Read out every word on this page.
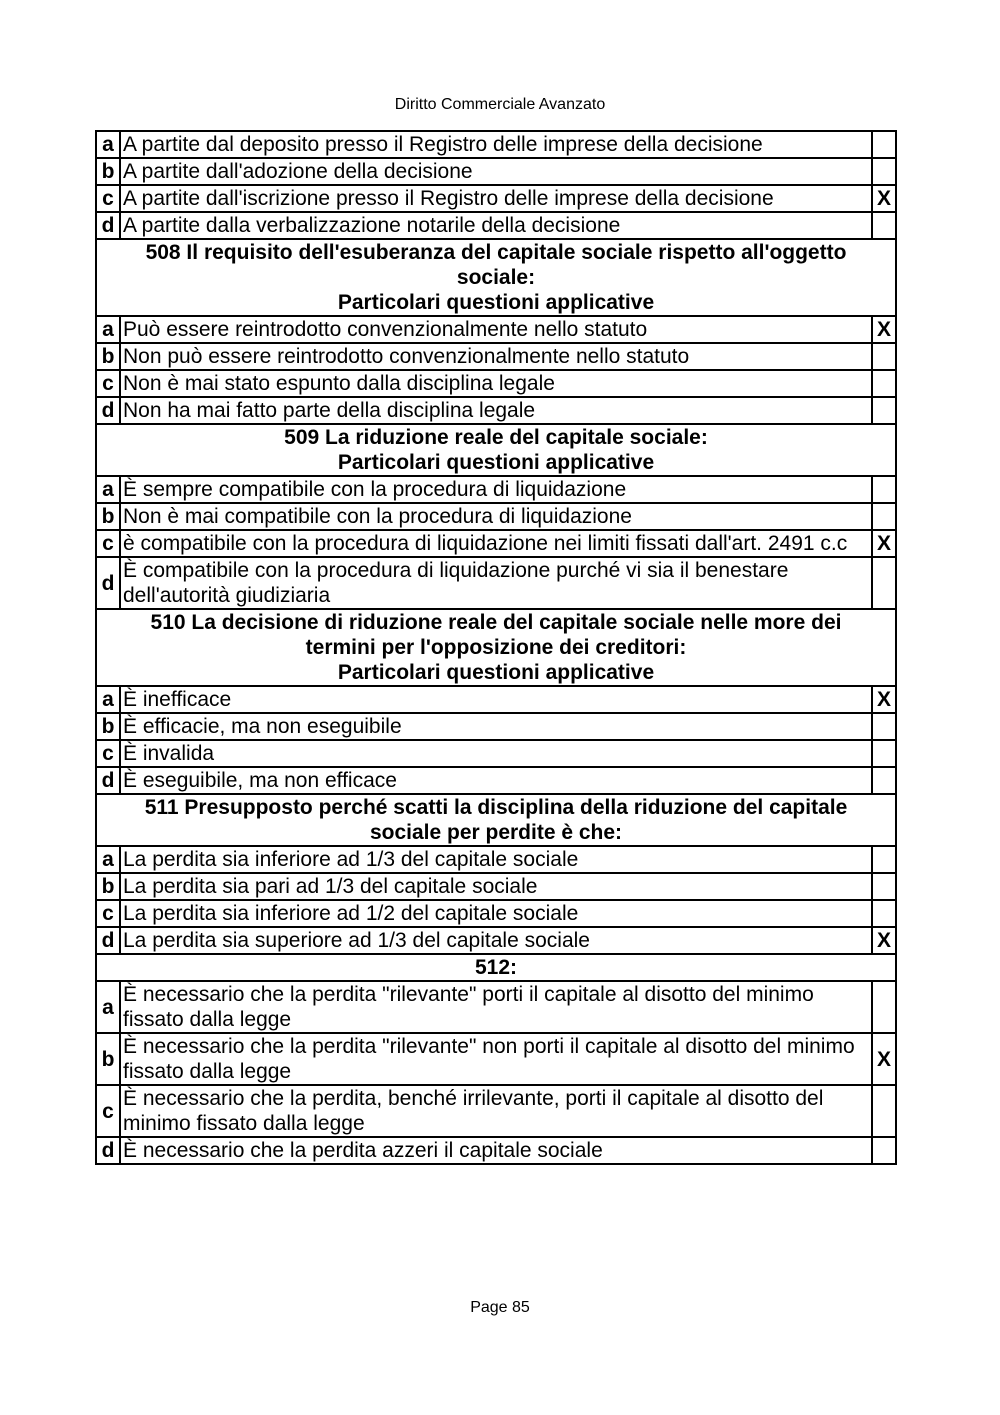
Diritto Commerciale Avanzato
a	A partite dal deposito presso il Registro delle imprese della decisione	
b	A partite dall'adozione della decisione	
c	A partite dall'iscrizione presso il Registro delle imprese della decisione	X
d	A partite dalla verbalizzazione notarile della decisione	

508 Il requisito dell'esuberanza del capitale sociale rispetto all'oggetto
sociale:
Particolari questioni applicative		

a	Può essere reintrodotto convenzionalmente nello statuto	X
b	Non può essere reintrodotto convenzionalmente nello statuto	
c	Non è mai stato espunto dalla disciplina legale	
d	Non ha mai fatto parte della disciplina legale	

509 La riduzione reale del capitale sociale:
Particolari questioni applicative		

a	È sempre compatibile con la procedura di liquidazione	
b	Non è mai compatibile con la procedura di liquidazione	
c	è compatibile con la procedura di liquidazione nei limiti fissati dall'art. 2491 c.c	X
d	È compatibile con la procedura di liquidazione purché vi sia il benestare dell'autorità giudiziaria	

510 La decisione di riduzione reale del capitale sociale nelle more dei
termini per l'opposizione dei creditori:
Particolari questioni applicative		

a	È inefficace	X
b	È efficacie, ma non eseguibile	
c	È invalida	
d	È eseguibile, ma non efficace	

511 Presupposto perché scatti la disciplina della riduzione del capitale
sociale per perdite è che:		

a	La perdita sia inferiore ad 1/3 del capitale sociale	
b	La perdita sia pari ad 1/3 del capitale sociale	
c	La perdita sia inferiore ad 1/2 del capitale sociale	
d	La perdita sia superiore ad 1/3 del capitale sociale	X

512:		

a	È necessario che la perdita "rilevante" porti il capitale al disotto del minimo fissato dalla legge	
b	È necessario che la perdita "rilevante" non porti il capitale al disotto del minimo fissato dalla legge	X
c	È necessario che la perdita, benché irrilevante, porti il capitale al disotto del minimo fissato dalla legge	
d	È necessario che la perdita azzeri il capitale sociale	
Page 85
